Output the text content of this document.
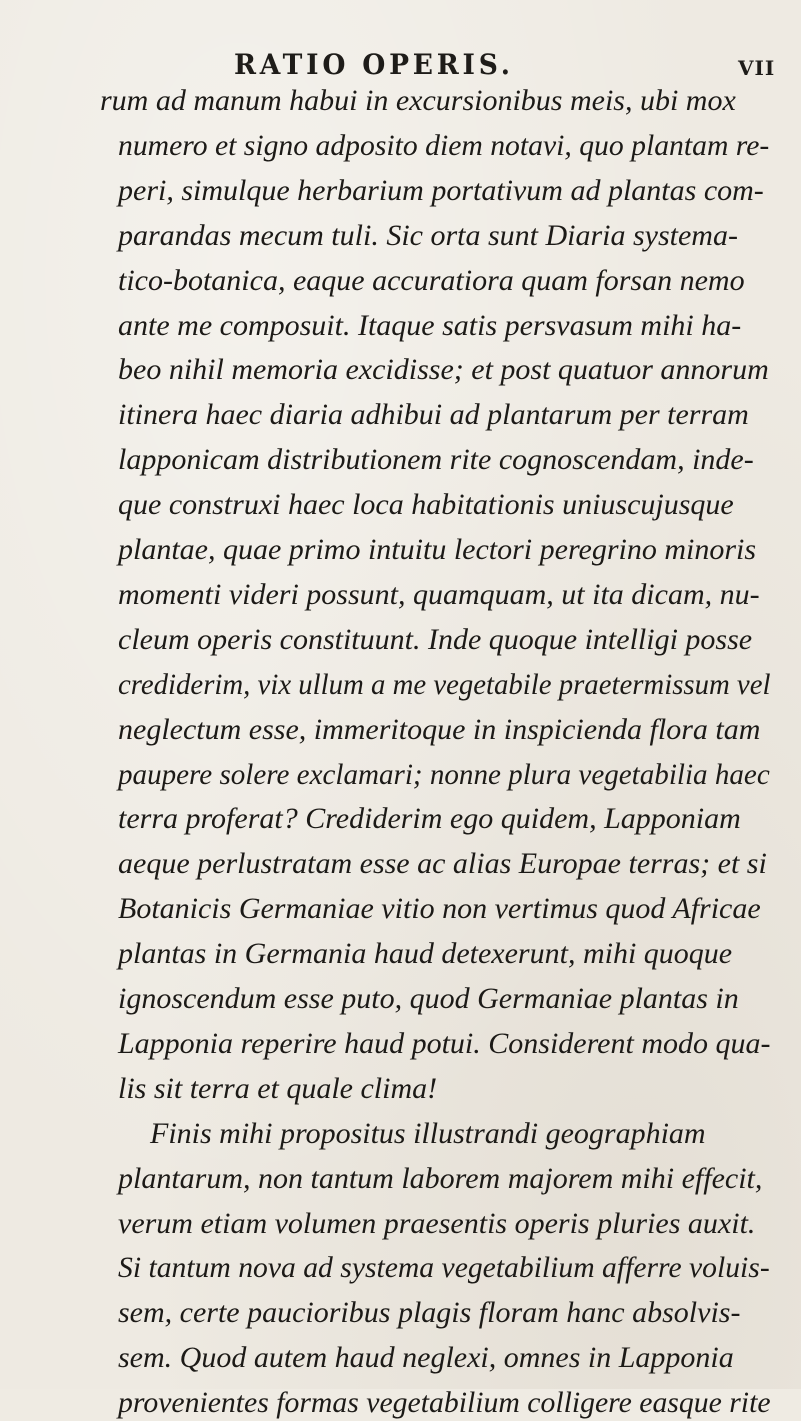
RATIO OPERIS.	VII
rum ad manum habui in excursionibus meis, ubi mox
numero et signo adposito diem notavi, quo plantam re-
peri, simulque herbarium portativum ad plantas com-
parandas mecum tuli. Sic orta sunt Diaria systema-
tico-botanica, eaque accuratiora quam forsan nemo
ante me composuit. Itaque satis persvasum mihi ha-
beo nihil memoria excidisse; et post quatuor annorum
itinera haec diaria adhibui ad plantarum per terram
lapponicam distributionem rite cognoscendam, inde-
que construxi haec loca habitationis uniuscujusque
plantae, quae primo intuitu lectori peregrino minoris
momenti videri possunt, quamquam, ut ita dicam, nu-
cleum operis constituunt. Inde quoque intelligi posse
crediderim, vix ullum a me vegetabile praetermissum vel
neglectum esse, immeritoque in inspicienda flora tam
paupere solere exclamari; nonne plura vegetabilia haec
terra proferat? Crediderim ego quidem, Lapponiam
aeque perlustratam esse ac alias Europae terras; et si
Botanicis Germaniae vitio non vertimus quod Africae
plantas in Germania haud detexerunt, mihi quoque
ignoscendum esse puto, quod Germaniae plantas in
Lapponia reperire haud potui. Considerent modo qua-
lis sit terra et quale clima!
Finis mihi propositus illustrandi geographiam
plantarum, non tantum laborem majorem mihi effecit,
verum etiam volumen praesentis operis pluries auxit.
Si tantum nova ad systema vegetabilium afferre voluis-
sem, certe paucioribus plagis floram hanc absolvis-
sem. Quod autem haud neglexi, omnes in Lapponia
provenientes formas vegetabilium colligere easque rite
